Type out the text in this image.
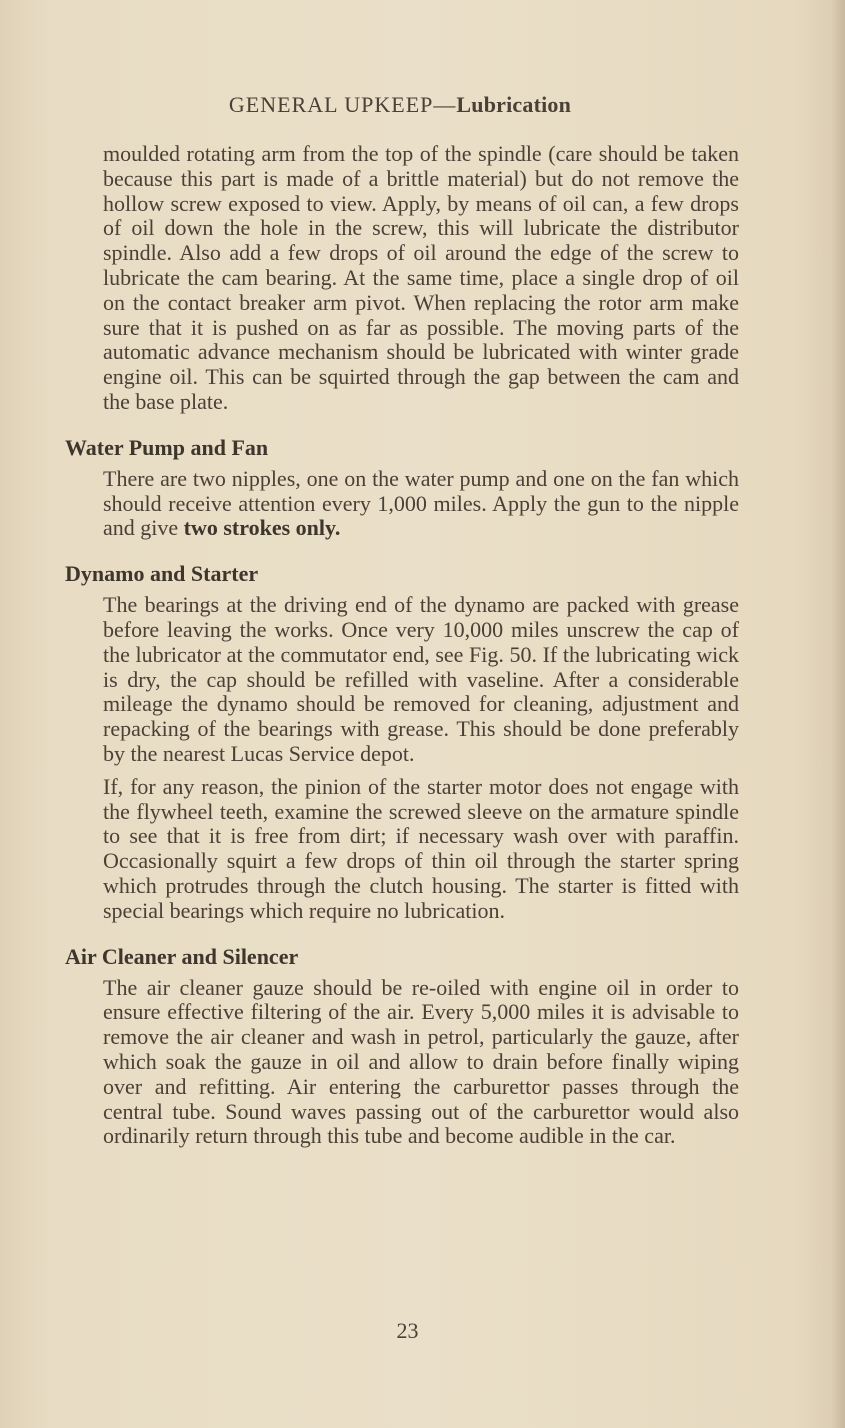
GENERAL UPKEEP—Lubrication

moulded rotating arm from the top of the spindle (care should be taken because this part is made of a brittle material) but do not remove the hollow screw exposed to view. Apply, by means of oil can, a few drops of oil down the hole in the screw, this will lubricate the distributor spindle. Also add a few drops of oil around the edge of the screw to lubricate the cam bearing. At the same time, place a single drop of oil on the contact breaker arm pivot. When replacing the rotor arm make sure that it is pushed on as far as possible. The moving parts of the automatic advance mechanism should be lubricated with winter grade engine oil. This can be squirted through the gap between the cam and the base plate.

Water Pump and Fan

There are two nipples, one on the water pump and one on the fan which should receive attention every 1,000 miles. Apply the gun to the nipple and give two strokes only.

Dynamo and Starter

The bearings at the driving end of the dynamo are packed with grease before leaving the works. Once very 10,000 miles unscrew the cap of the lubricator at the commutator end, see Fig. 50. If the lubricating wick is dry, the cap should be refilled with vaseline. After a considerable mileage the dynamo should be removed for cleaning, adjustment and repacking of the bearings with grease. This should be done preferably by the nearest Lucas Service depot.

If, for any reason, the pinion of the starter motor does not engage with the flywheel teeth, examine the screwed sleeve on the armature spindle to see that it is free from dirt; if necessary wash over with paraffin. Occasionally squirt a few drops of thin oil through the starter spring which protrudes through the clutch housing. The starter is fitted with special bearings which require no lubrication.

Air Cleaner and Silencer

The air cleaner gauze should be re-oiled with engine oil in order to ensure effective filtering of the air. Every 5,000 miles it is advisable to remove the air cleaner and wash in petrol, particularly the gauze, after which soak the gauze in oil and allow to drain before finally wiping over and refitting. Air entering the carburettor passes through the central tube. Sound waves passing out of the carburettor would also ordinarily return through this tube and become audible in the car.

23
